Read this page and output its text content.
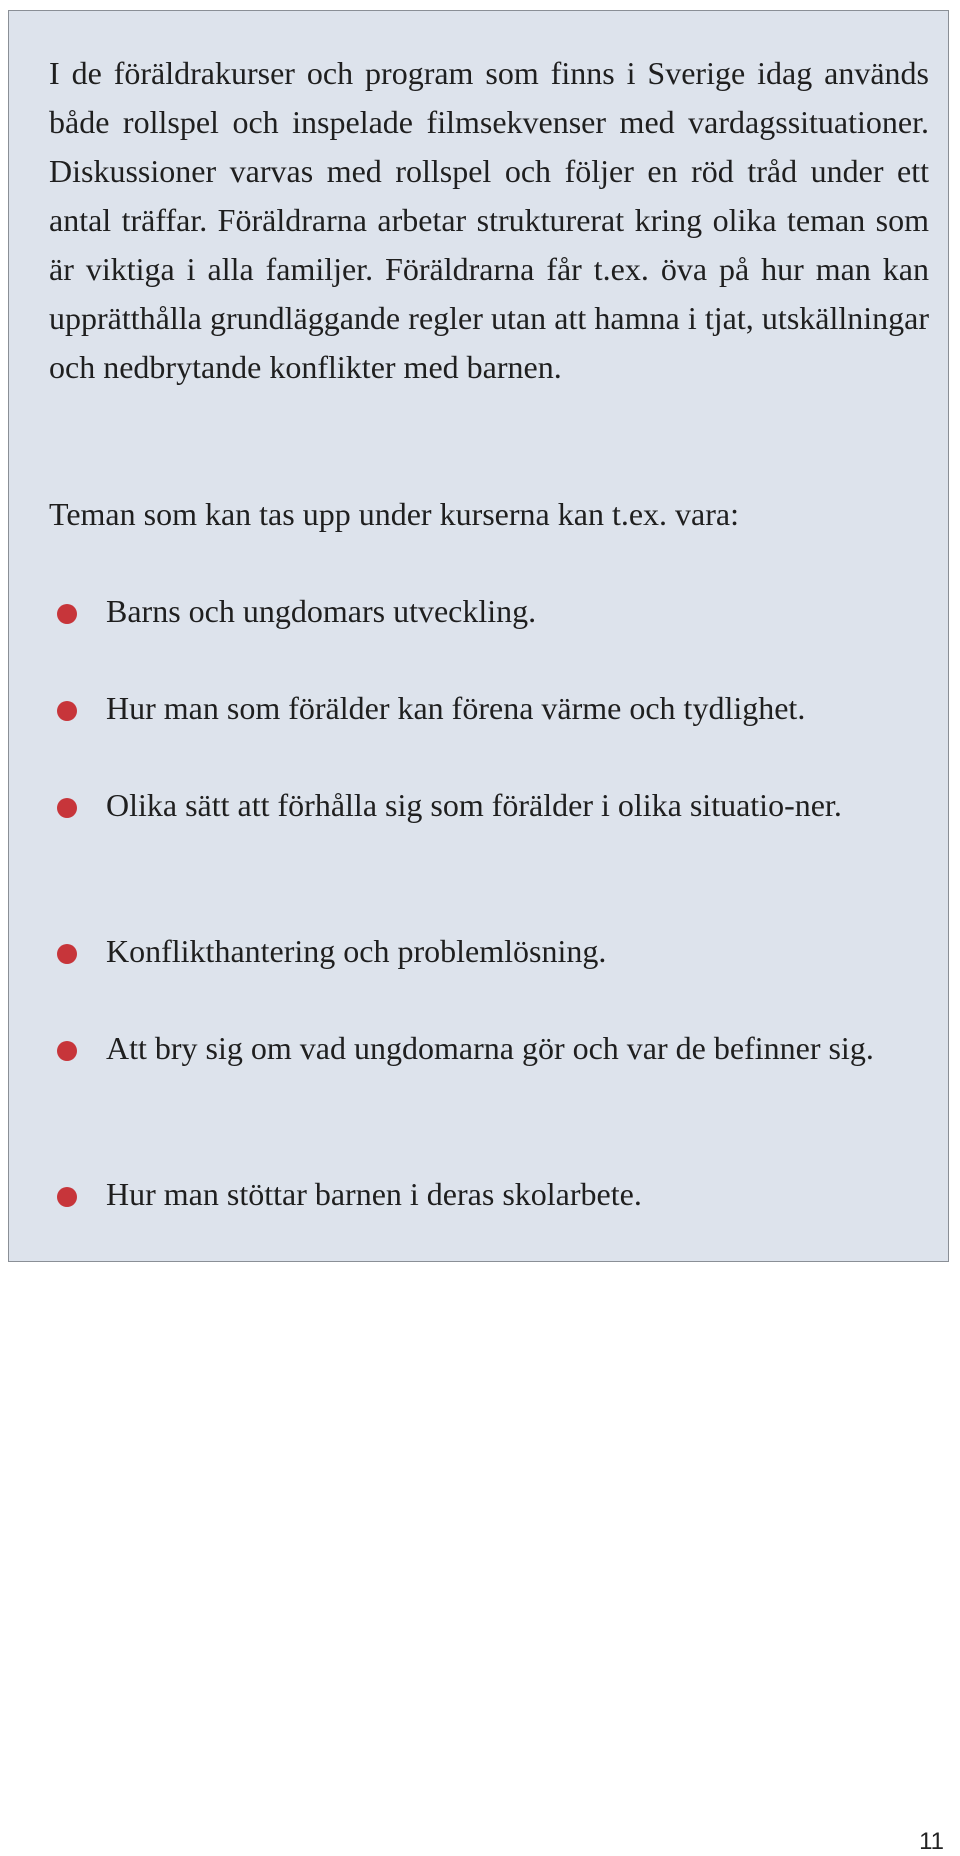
I de föräldrakurser och program som finns i Sverige idag används både rollspel och inspelade filmsekvenser med vardagssituationer. Diskussioner varvas med rollspel och följer en röd tråd under ett antal träffar. Föräldrarna arbetar strukturerat kring olika teman som är viktiga i alla familjer. Föräldrarna får t.ex. öva på hur man kan upprätthålla grundläggande regler utan att hamna i tjat, utskällningar och nedbrytande konflikter med barnen.

Teman som kan tas upp under kurserna kan t.ex. vara:

Barns och ungdomars utveckling.
Hur man som förälder kan förena värme och tydlighet.
Olika sätt att förhålla sig som förälder i olika situatio-ner.
Konflikthantering och problemlösning.
Att bry sig om vad ungdomarna gör och var de befinner sig.
Hur man stöttar barnen i deras skolarbete.
11
